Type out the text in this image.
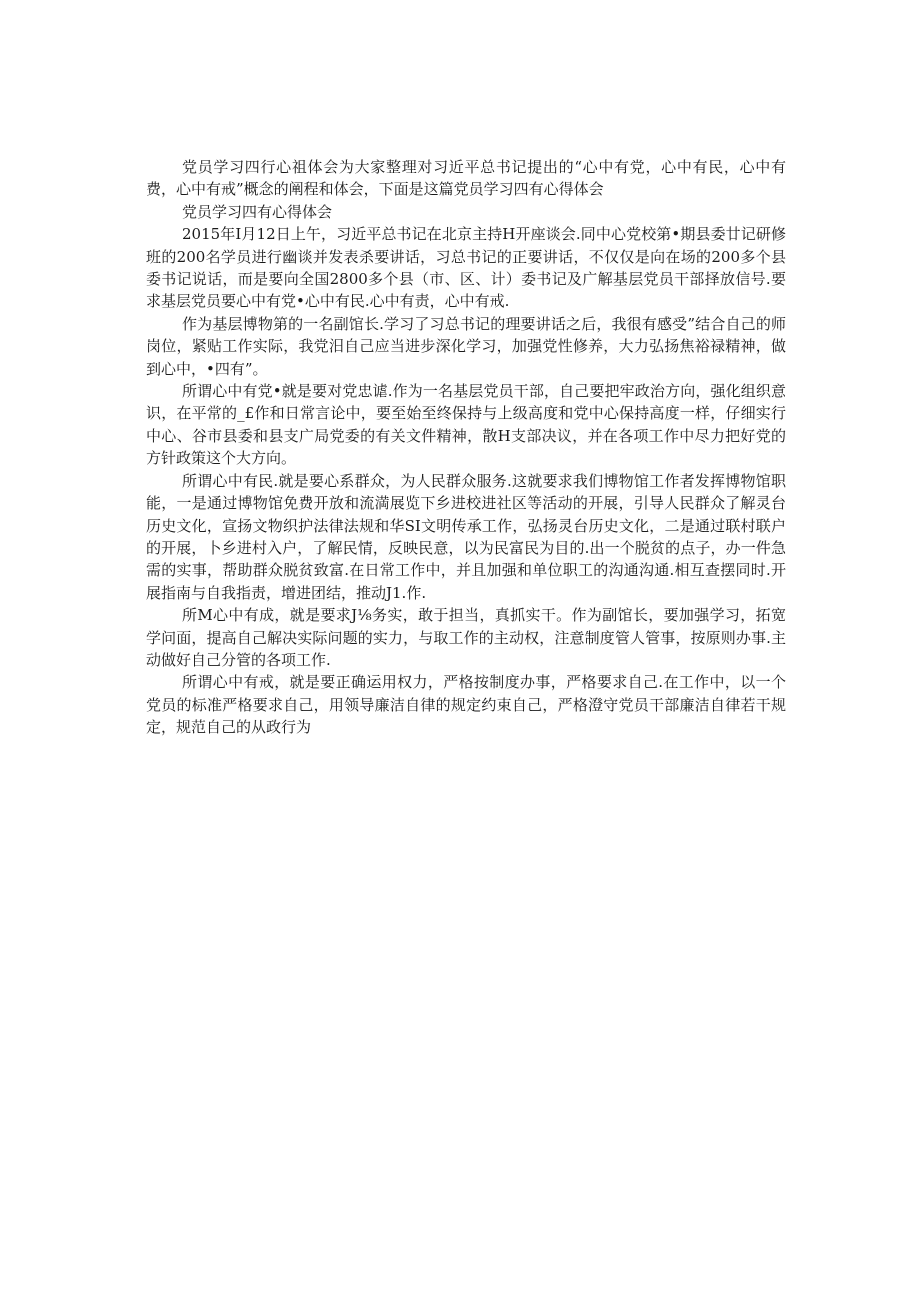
党员学习四行心祖体会为大家整理对习近平总书记提出的“心中有党，心中有民，心中有费，心中有戒”概念的阐程和体会，下面是这篇党员学习四有心得体会

党员学习四有心得体会

2015年I月12日上午，习近平总书记在北京主持H开座谈会.同中心党校第•期县委廿记研修班的200名学员进行幽谈并发表杀要讲话，习总书记的正要讲话，不仅仅是向在场的200多个县委书记说话，而是要向全国2800多个县（市、区、计）委书记及广解基层党员干部择放信号.要求基层党员要心中有党•心中有民.心中有责，心中有戒.

作为基层博物第的一名副馆长.学习了习总书记的理要讲话之后，我很有感受”结合自己的师岗位，紧贴工作实际，我党汨自己应当进步深化学习，加强党性修养，大力弘扬焦裕禄精神，做到心中，•四有”。

所谓心中有党•就是要对党忠谑.作为一名基层党员干部，自己要把牢政治方向，强化组织意识，在平常的_£作和日常言论中，要至始至终保持与上级高度和党中心保持高度一样，仔细实行中心、谷市县委和县支广局党委的有关文件精神，散H支部决议，并在各项工作中尽力把好党的方针政策这个大方向。

所谓心中有民.就是要心系群众，为人民群众服务.这就要求我们博物馆工作者发挥博物馆职能，一是通过博物馆免费开放和流満展览下乡进校进社区等活动的开展，引导人民群众了解灵台历史文化，宣扬文物织护法律法规和华SI文明传承工作，弘扬灵台历史文化，二是通过联村联户的开展，卜乡进村入户，了解民情，反映民意，以为民富民为目的.出一个脱贫的点子，办一件急需的实事，帮助群众脱贫致富.在日常工作中，并且加强和单位职工的沟通沟通.相互查摆同时.开展指南与自我指责，增进团结，推动J1.作.

所M心中有成，就是要求J⅛务实，敢于担当，真抓实干。作为副馆长，要加强学习，拓宽学问面，提高自己解决实际问题的实力，与取工作的主动权，注意制度管人管事，按原则办事.主动做好自己分管的各项工作.

所谓心中有戒，就是要正确运用权力，严格按制度办事，严格要求自己.在工作中，以一个党员的标准严格要求自己，用领导廉洁自律的规定约束自己，严格澄守党员干部廉洁自律若干规定，规范自己的从政行为
